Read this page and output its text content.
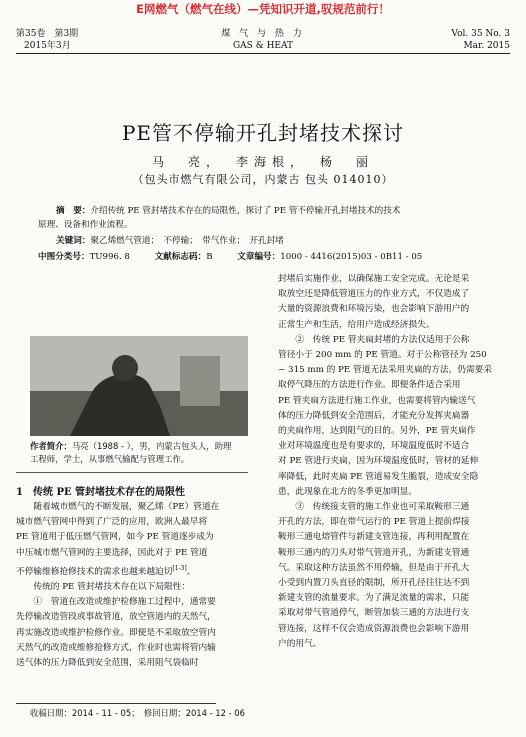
E网燃气（燃气在线）—凭知识开道,驭规范前行！
第35卷　第3期
2015年3月
煤 气 与 热 力
GAS & HEAT
Vol. 35 No. 3
Mar. 2015
PE管不停输开孔封堵技术探讨
马　亮，　李海根，　杨　丽
（包头市燃气有限公司，内蒙古 包头 014010）
摘　要：介绍传统 PE 管封堵技术存在的局限性，探讨了 PE 管不停输开孔封堵技术的技术
原理、设备和作业流程。
关键词：聚乙烯燃气管道；　不停输；　带气作业；　开孔封堵
中图分类号：TU996. 8	文献标志码：B	文章编号：1000 - 4416(2015)03 - 0B11 - 05
作者简介：马亮（1988 - ），男，内蒙古包头人，助理
工程师，学士，从事燃气输配与管理工作。
1　传统 PE 管封堵技术存在的局限性

随着城市燃气的不断发展，聚乙烯（PE）管道在

城市燃气管网中得到了广泛的应用，欧洲人最早将

PE 管道用于低压燃气管网，如今 PE 管道逐步成为

中压城市燃气管网的主要选择，因此对于 PE 管道

不停输维修抢修技术的需求也越来越迫切[1-3]。

传统的 PE 管封堵技术存在以下局限性：

①　管道在改造或维护检修施工过程中，通常要

先停输改造管段或事故管道，放空管道内的天然气，

再实施改造或维护检修作业。即便是不采取放空管内

天然气的改造或维修抢修方式，作业时也需将管内输

送气体的压力降低到安全范围，采用阻气袋临时

封堵后实施作业，以确保施工安全完成。无论是采

取放空还是降低管道压力的作业方式，不仅造成了

大量的资源浪费和环境污染，也会影响下游用户的

正常生产和生活，给用户造成经济损失。

②　传统 PE 管夹扁封堵的方法仅适用于公称

管径小于 200 mm 的 PE 管道。对于公称管径为 250

~ 315 mm 的 PE 管道无法采用夹扁的方法，仍需要采

取停气降压的方法进行作业。即便条件适合采用

PE 管夹扁方法进行施工作业，也需要将管内输送气

体的压力降低到安全范围后，才能充分发挥夹扁器

的夹扁作用，达到阻气的目的。另外，PE 管夹扁作

业对环境温度也是有要求的，环境温度低时不适合

对 PE 管进行夹扁，因为环境温度低时，管材的延伸

率降低，此时夹扁 PE 管道易发生脆裂，造成安全隐

患，此现象在北方的冬季更加明显。

③　传统接支管的施工作业也可采取鞍形三通

开孔的方法，即在带气运行的 PE 管道上提前焊接

鞍形三通电熔管件与新建支管连接，再利用配置在

鞍形三通内的刀头对带气管道开孔，为新建支管通

气。采取这种方法虽然不用停输，但是由于开孔大

小受到内置刀头直径的限制，所开孔径往往达不到

新建支管的流量要求。为了满足流量的需求，只能

采取对带气管道停气，断管加装三通的方法进行支

管连接，这样不仅会造成资源浪费也会影响下游用

户的用气。

收稿日期：2014 - 11 - 05；　修回日期：2014 - 12 - 06
